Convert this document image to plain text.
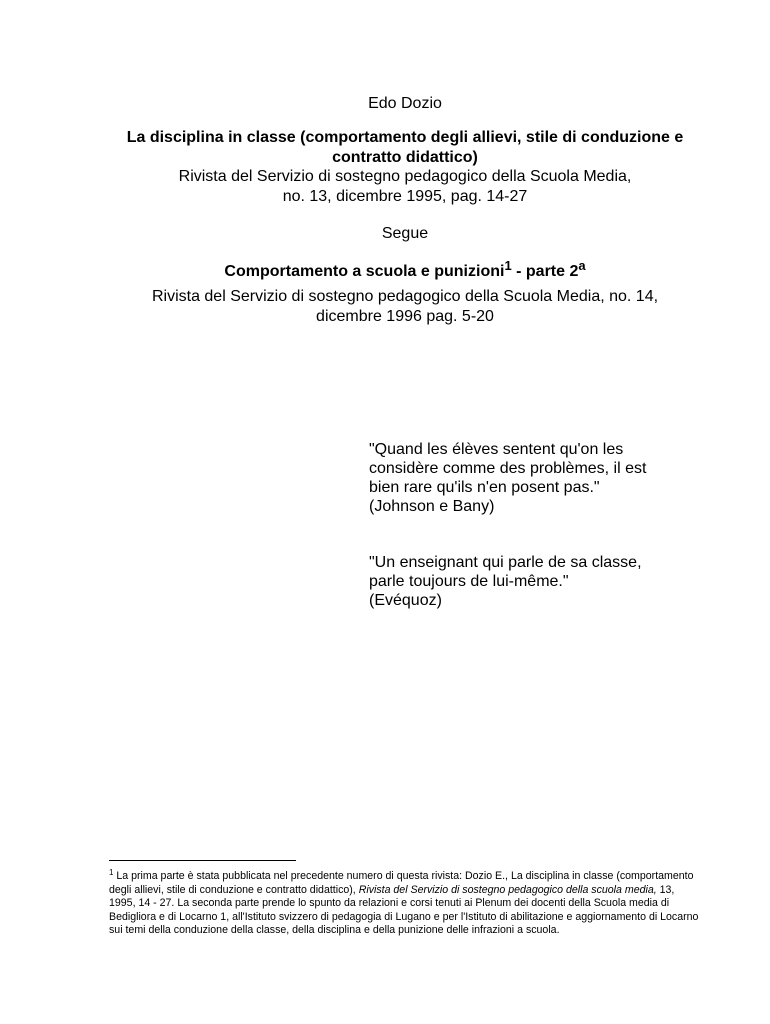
Edo Dozio
La disciplina in classe (comportamento degli allievi, stile di conduzione e contratto didattico)
Rivista del Servizio di sostegno pedagogico della Scuola Media,
no. 13, dicembre 1995, pag. 14-27
Segue
Comportamento a scuola e punizioni$^1$ - parte 2$^a$
Rivista del Servizio di sostegno pedagogico della Scuola Media, no. 14,
dicembre 1996 pag. 5-20

"Quand les élèves sentent qu'on les

considère comme des problèmes, il est

bien rare qu'ils n'en posent pas."

(Johnson e Bany)

"Un enseignant qui parle de sa classe,

parle toujours de lui-même."

(Evéquoz)

$^1$ La prima parte è stata pubblicata nel precedente numero di questa rivista: Dozio E., La disciplina in classe (comportamento degli allievi, stile di conduzione e contratto didattico), Rivista del Servizio di sostegno pedagogico della scuola media, 13, 1995, 14 - 27. La seconda parte prende lo spunto da relazioni e corsi tenuti ai Plenum dei docenti della Scuola media di Bedigliora e di Locarno 1, all'Istituto svizzero di pedagogia di Lugano e per l'Istituto di abilitazione e aggiornamento di Locarno sui temi della conduzione della classe, della disciplina e della punizione delle infrazioni a scuola.
